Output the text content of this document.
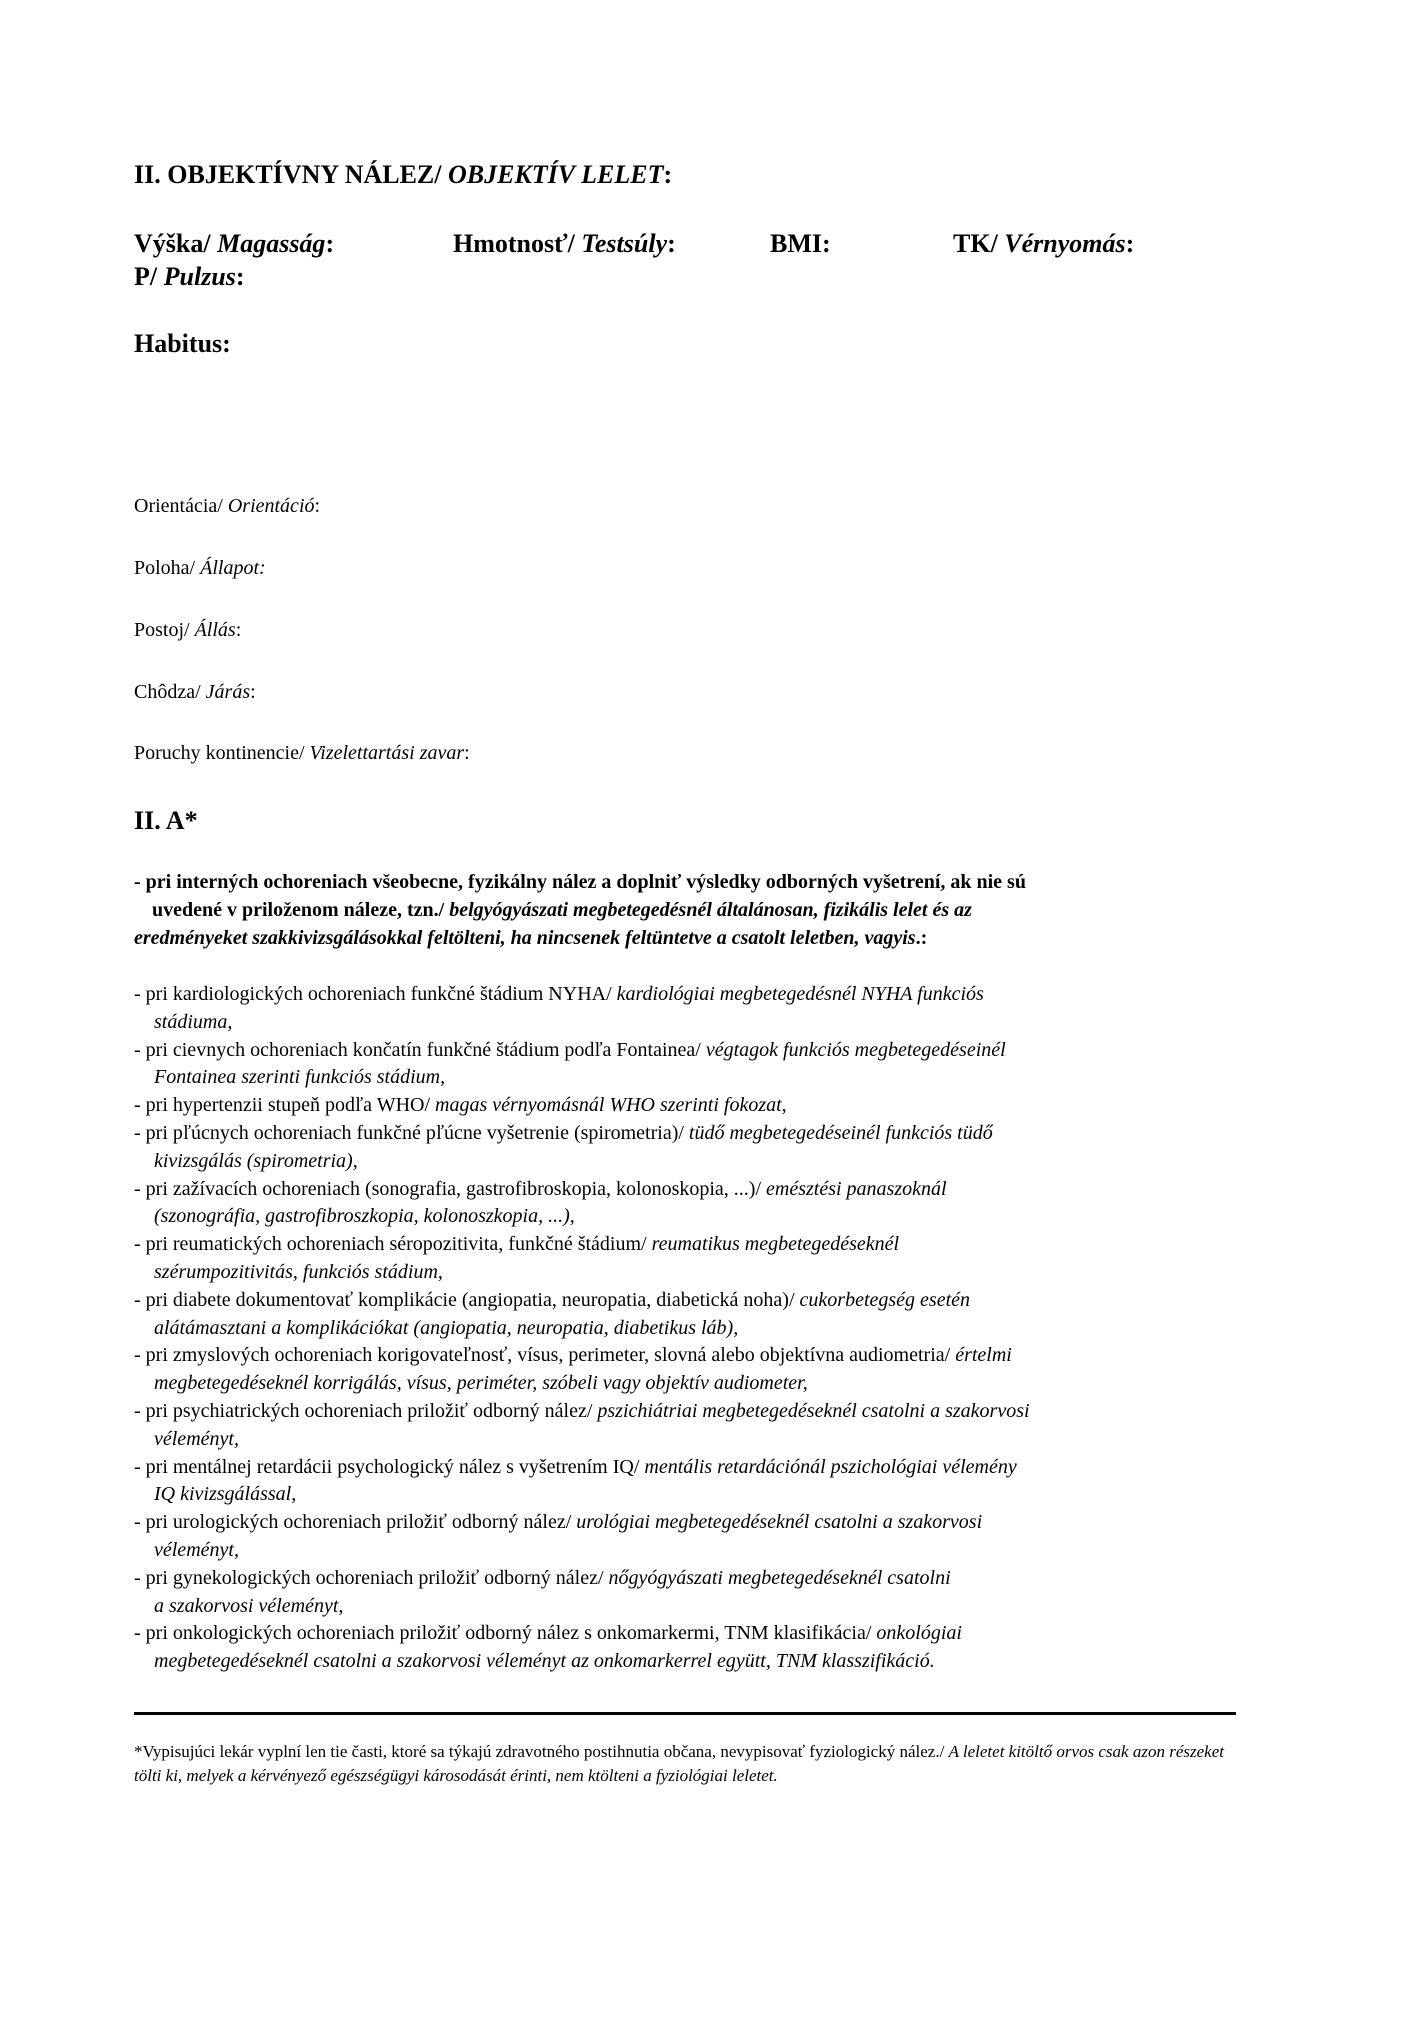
II. OBJEKTÍVNY NÁLEZ/ OBJEKTÍV LELET:
Výška/ Magasság:	Hmotnosť/ Testsúly:	BMI:	TK/ Vérnyomás:
P/ Pulzus:
Habitus:
Orientácia/ Orientáció:
Poloha/ Állapot:
Postoj/ Állás:
Chôdza/ Járás:
Poruchy kontinencie/ Vizelettartási zavar:
II. A*
- pri interných ochoreniach všeobecne, fyzikálny nález a doplniť výsledky odborných vyšetrení, ak nie sú
uvedené v priloženom náleze, tzn./ belgyógyászati megbetegedésnél általánosan, fizikális lelet és az
eredményeket szakkivizsgálásokkal feltölteni, ha nincsenek feltüntetve a csatolt leletben, vagyis.:
- pri kardiologických ochoreniach funkčné štádium NYHA/ kardiológiai megbetegedésnél NYHA funkciós
stádiuma,
- pri cievnych ochoreniach končatín funkčné štádium podľa Fontainea/ végtagok funkciós megbetegedéseinél
Fontainea szerinti funkciós stádium,
- pri hypertenzii stupeň podľa WHO/ magas vérnyomásnál WHO szerinti fokozat,
- pri pľúcnych ochoreniach funkčné pľúcne vyšetrenie (spirometria)/ tüdő megbetegedéseinél funkciós tüdő
kivizsgálás (spirometria),
- pri zažívacích ochoreniach (sonografia, gastrofibroskopia, kolonoskopia, ...)/ emésztési panaszoknál
(szonográfia, gastrofibroszkopia, kolonoszkopia, ...),
- pri reumatických ochoreniach séropozitivita, funkčné štádium/ reumatikus megbetegedéseknél
szérumpozitivitás, funkciós stádium,
- pri diabete dokumentovať komplikácie (angiopatia, neuropatia, diabetická noha)/ cukorbetegség esetén
alátámasztani a komplikációkat (angiopatia, neuropatia, diabetikus láb),
- pri zmyslových ochoreniach korigovateľnosť, vísus, perimeter, slovná alebo objektívna audiometria/ értelmi
megbetegedéseknél korrigálás, vísus, periméter, szóbeli vagy objektív audiometer,
- pri psychiatrických ochoreniach priložiť odborný nález/ pszichiátriai megbetegedéseknél csatolni a szakorvosi
véleményt,
- pri mentálnej retardácii psychologický nález s vyšetrením IQ/ mentális retardációnál pszichológiai vélemény
IQ kivizsgálással,
- pri urologických ochoreniach priložiť odborný nález/ urológiai megbetegedéseknél csatolni a szakorvosi
véleményt,
- pri gynekologických ochoreniach priložiť odborný nález/ nőgyógyászati megbetegedéseknél csatolni
a szakorvosi véleményt,
- pri onkologických ochoreniach priložiť odborný nález s onkomarkermi, TNM klasifikácia/ onkológiai
megbetegedéseknél csatolni a szakorvosi véleményt az onkomarkerrel együtt, TNM klasszifikáció.
*Vypisujúci lekár vyplní len tie časti, ktoré sa týkajú zdravotného postihnutia občana, nevypisovať fyziologický nález./ A leletet kitöltő orvos csak azon részeket tölti ki, melyek a kérvényező egészségügyi károsodását érinti, nem ktölteni a fyziológiai leletet.
